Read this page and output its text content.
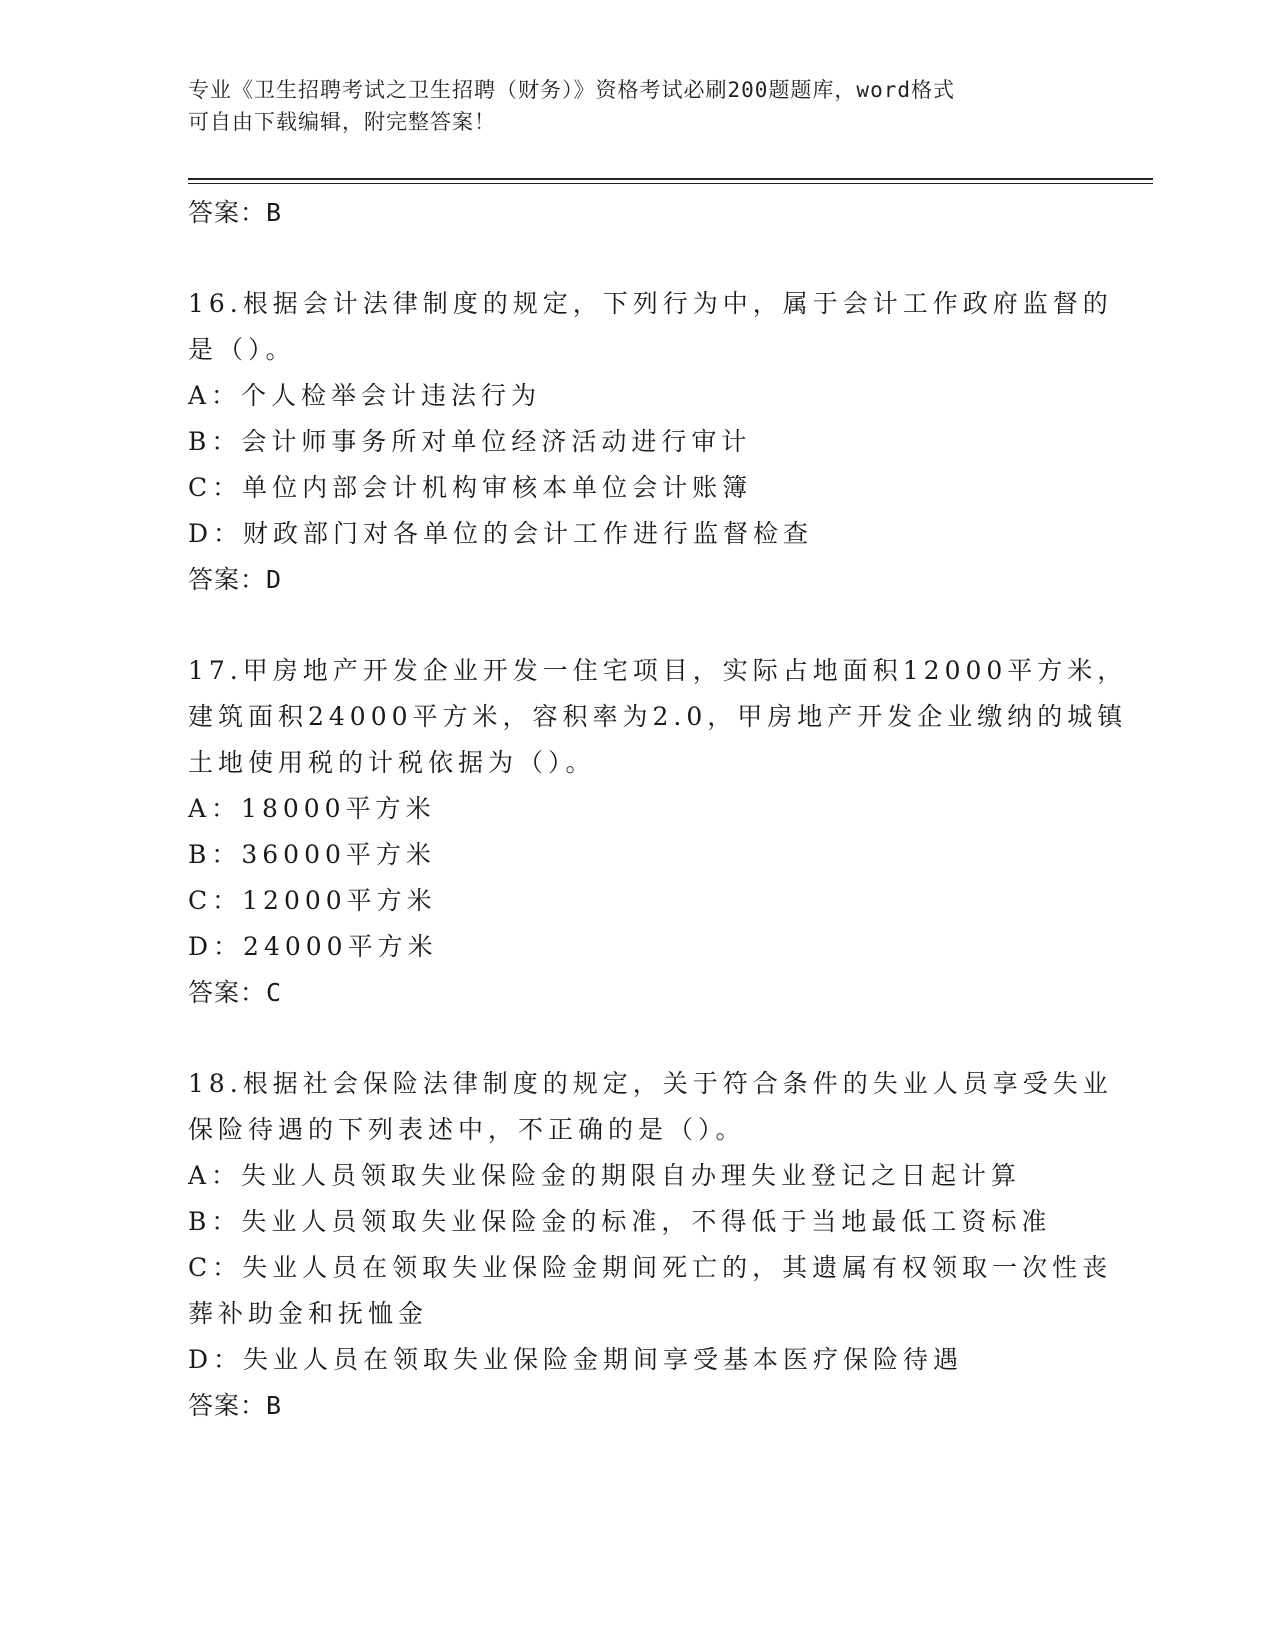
专业《卫生招聘考试之卫生招聘（财务）》资格考试必刷200题题库，word格式
可自由下载编辑，附完整答案！
答案：B
16.根据会计法律制度的规定，下列行为中，属于会计工作政府监督的
是（）。
A：个人检举会计违法行为
B：会计师事务所对单位经济活动进行审计
C：单位内部会计机构审核本单位会计账簿
D：财政部门对各单位的会计工作进行监督检查
答案：D
17.甲房地产开发企业开发一住宅项目，实际占地面积12000平方米，
建筑面积24000平方米，容积率为2.0，甲房地产开发企业缴纳的城镇
土地使用税的计税依据为（）。
A：18000平方米
B：36000平方米
C：12000平方米
D：24000平方米
答案：C
18.根据社会保险法律制度的规定，关于符合条件的失业人员享受失业
保险待遇的下列表述中，不正确的是（）。
A：失业人员领取失业保险金的期限自办理失业登记之日起计算
B：失业人员领取失业保险金的标准，不得低于当地最低工资标准
C：失业人员在领取失业保险金期间死亡的，其遗属有权领取一次性丧
葬补助金和抚恤金
D：失业人员在领取失业保险金期间享受基本医疗保险待遇
答案：B
